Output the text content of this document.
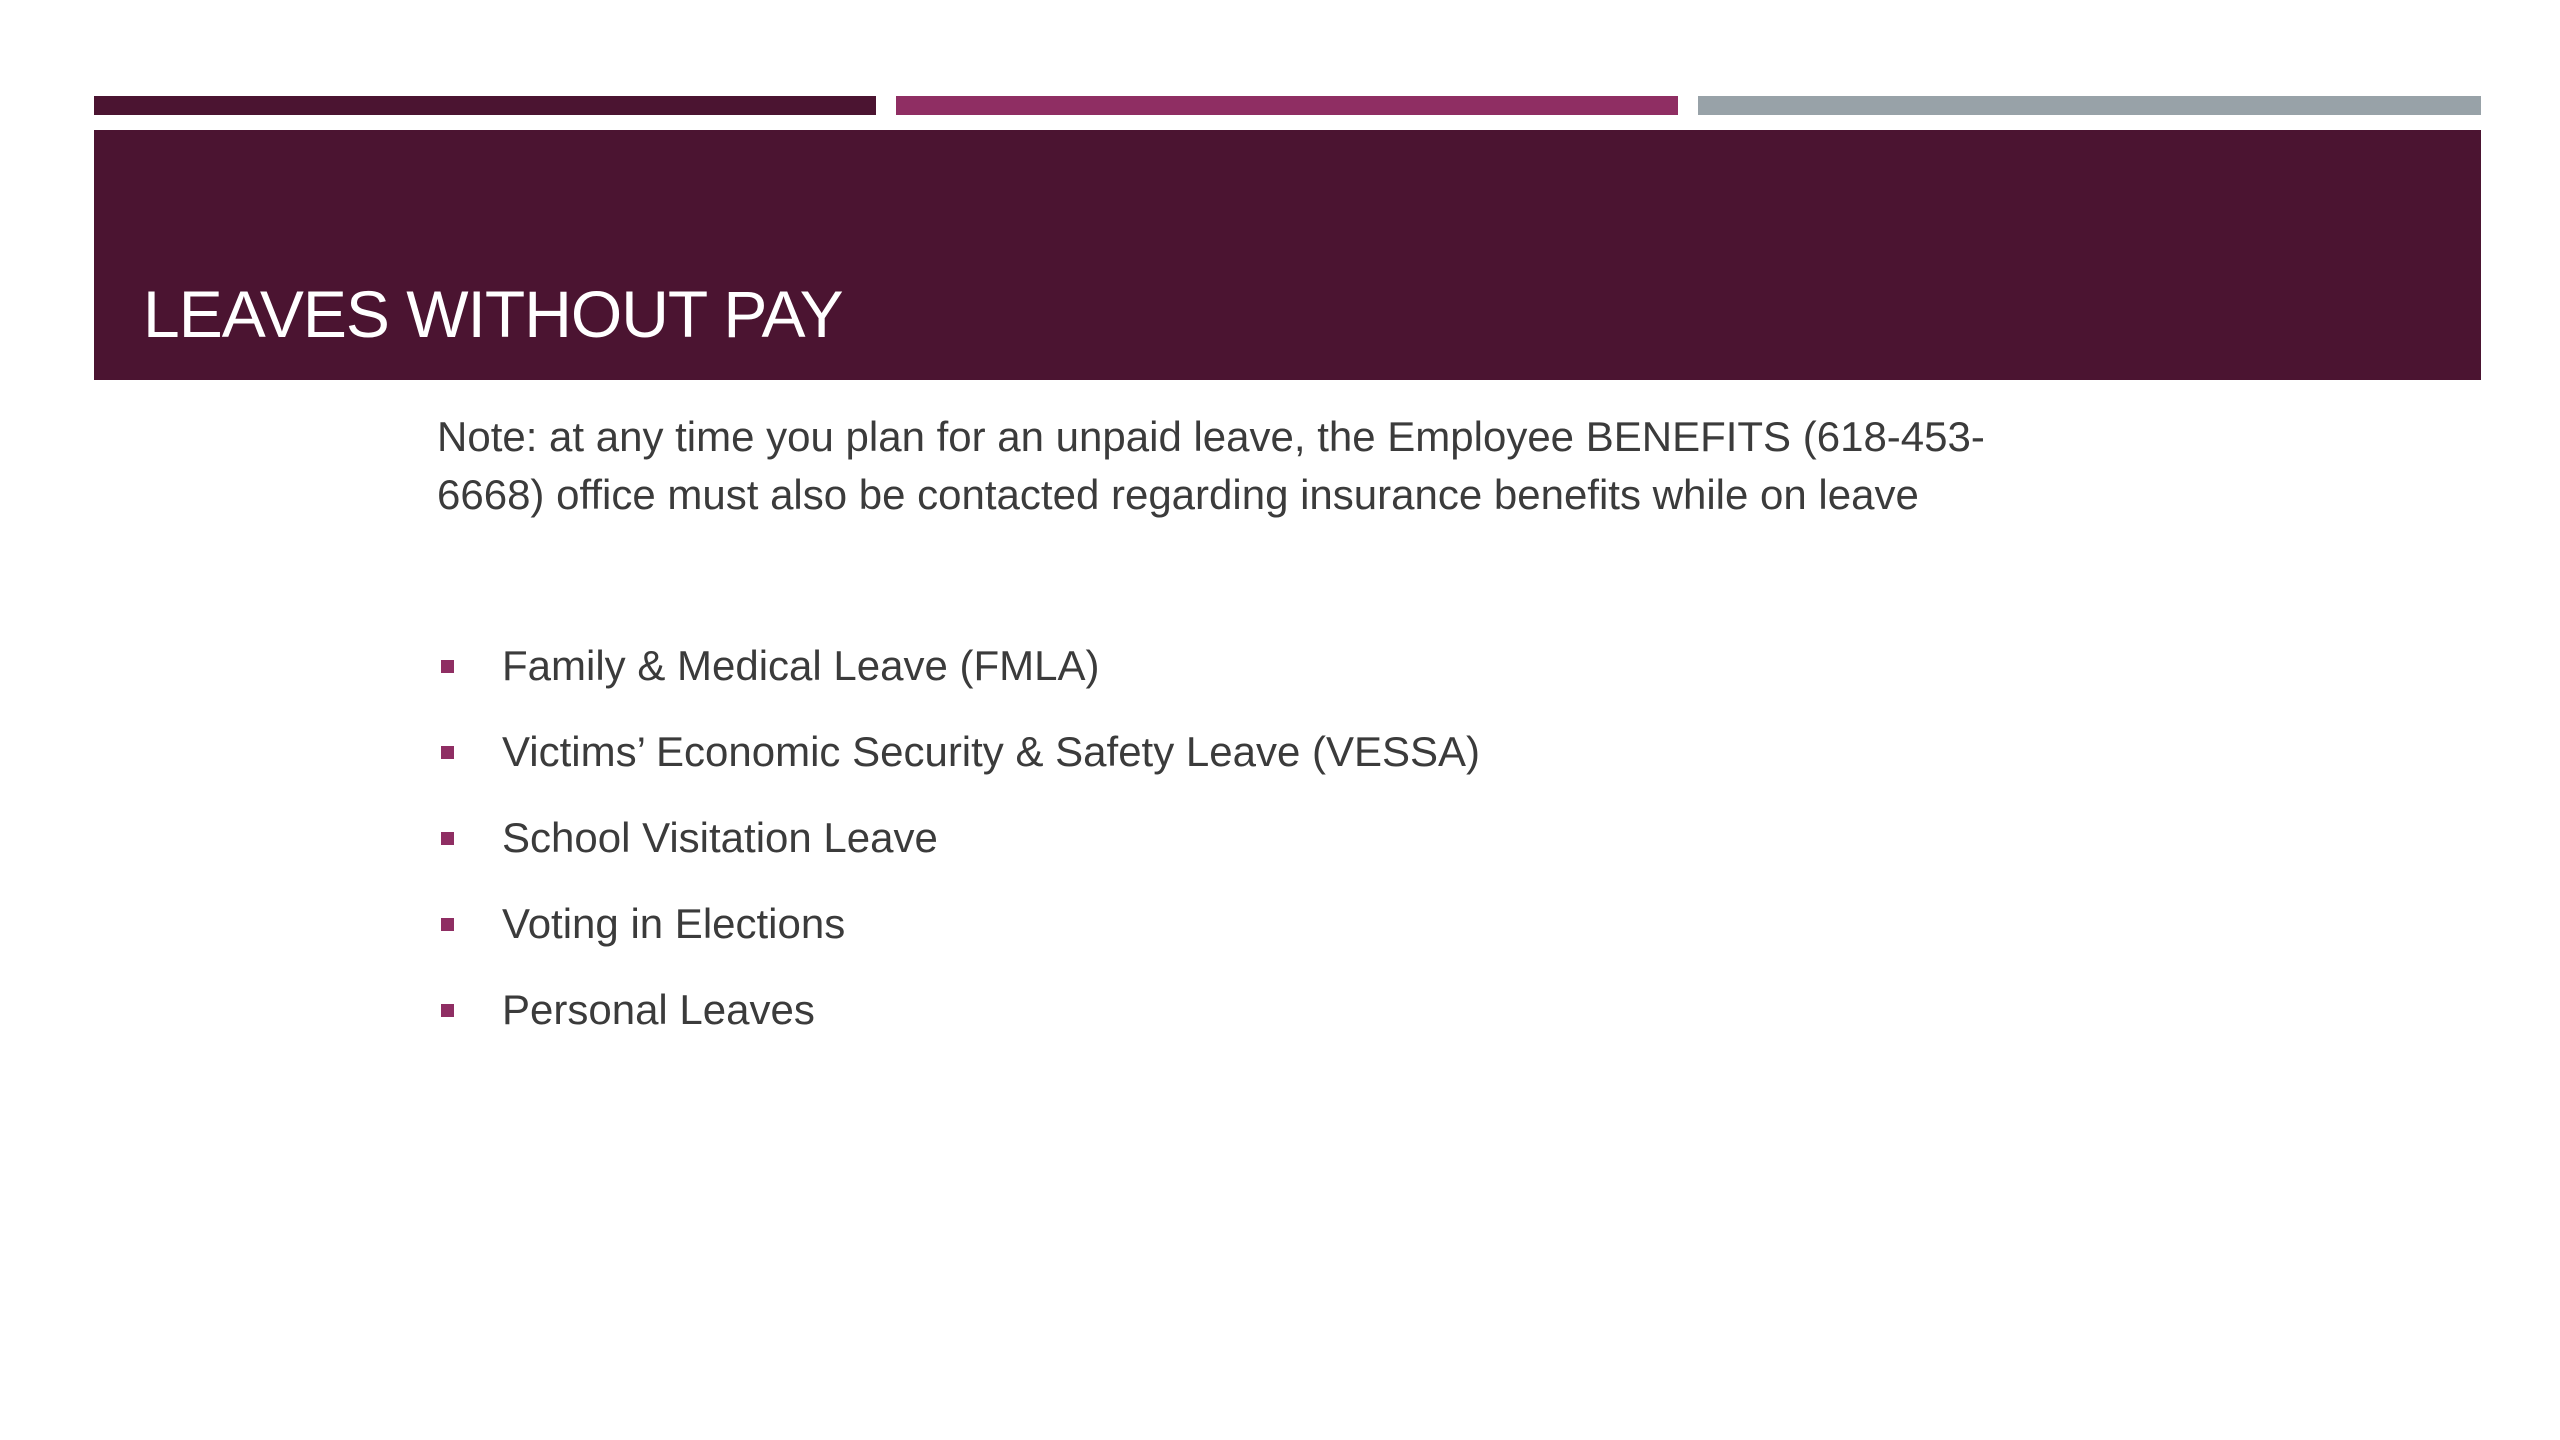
LEAVES WITHOUT PAY

Note: at any time you plan for an unpaid leave, the Employee BENEFITS (618-453-6668) office must also be contacted regarding insurance benefits while on leave

Family & Medical Leave (FMLA)
Victims’ Economic Security & Safety Leave (VESSA)
School Visitation Leave
Voting in Elections
Personal Leaves
